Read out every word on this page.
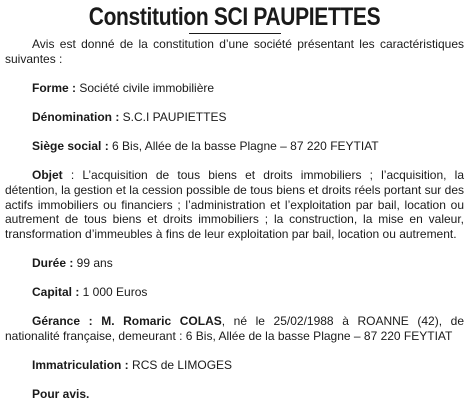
Constitution SCI PAUPIETTES

Avis est donné de la constitution d’une société présentant les caractéristiques suivantes :

Forme : Société civile immobilière

Dénomination : S.C.I PAUPIETTES

Siège social : 6 Bis, Allée de la basse Plagne – 87 220 FEYTIAT

Objet : L’acquisition de tous biens et droits immobiliers ; l’acquisition, la détention, la gestion et la cession possible de tous biens et droits réels portant sur des actifs immobiliers ou financiers ; l’administration et l’exploitation par bail, location ou autrement de tous biens et droits immobiliers ; la construction, la mise en valeur, transformation d’immeubles à fins de leur exploitation par bail, location ou autrement.

Durée : 99 ans

Capital : 1 000 Euros

Gérance : M. Romaric COLAS, né le 25/02/1988 à ROANNE (42), de nationalité française, demeurant : 6 Bis, Allée de la basse Plagne – 87 220 FEYTIAT

Immatriculation : RCS de LIMOGES

Pour avis.
